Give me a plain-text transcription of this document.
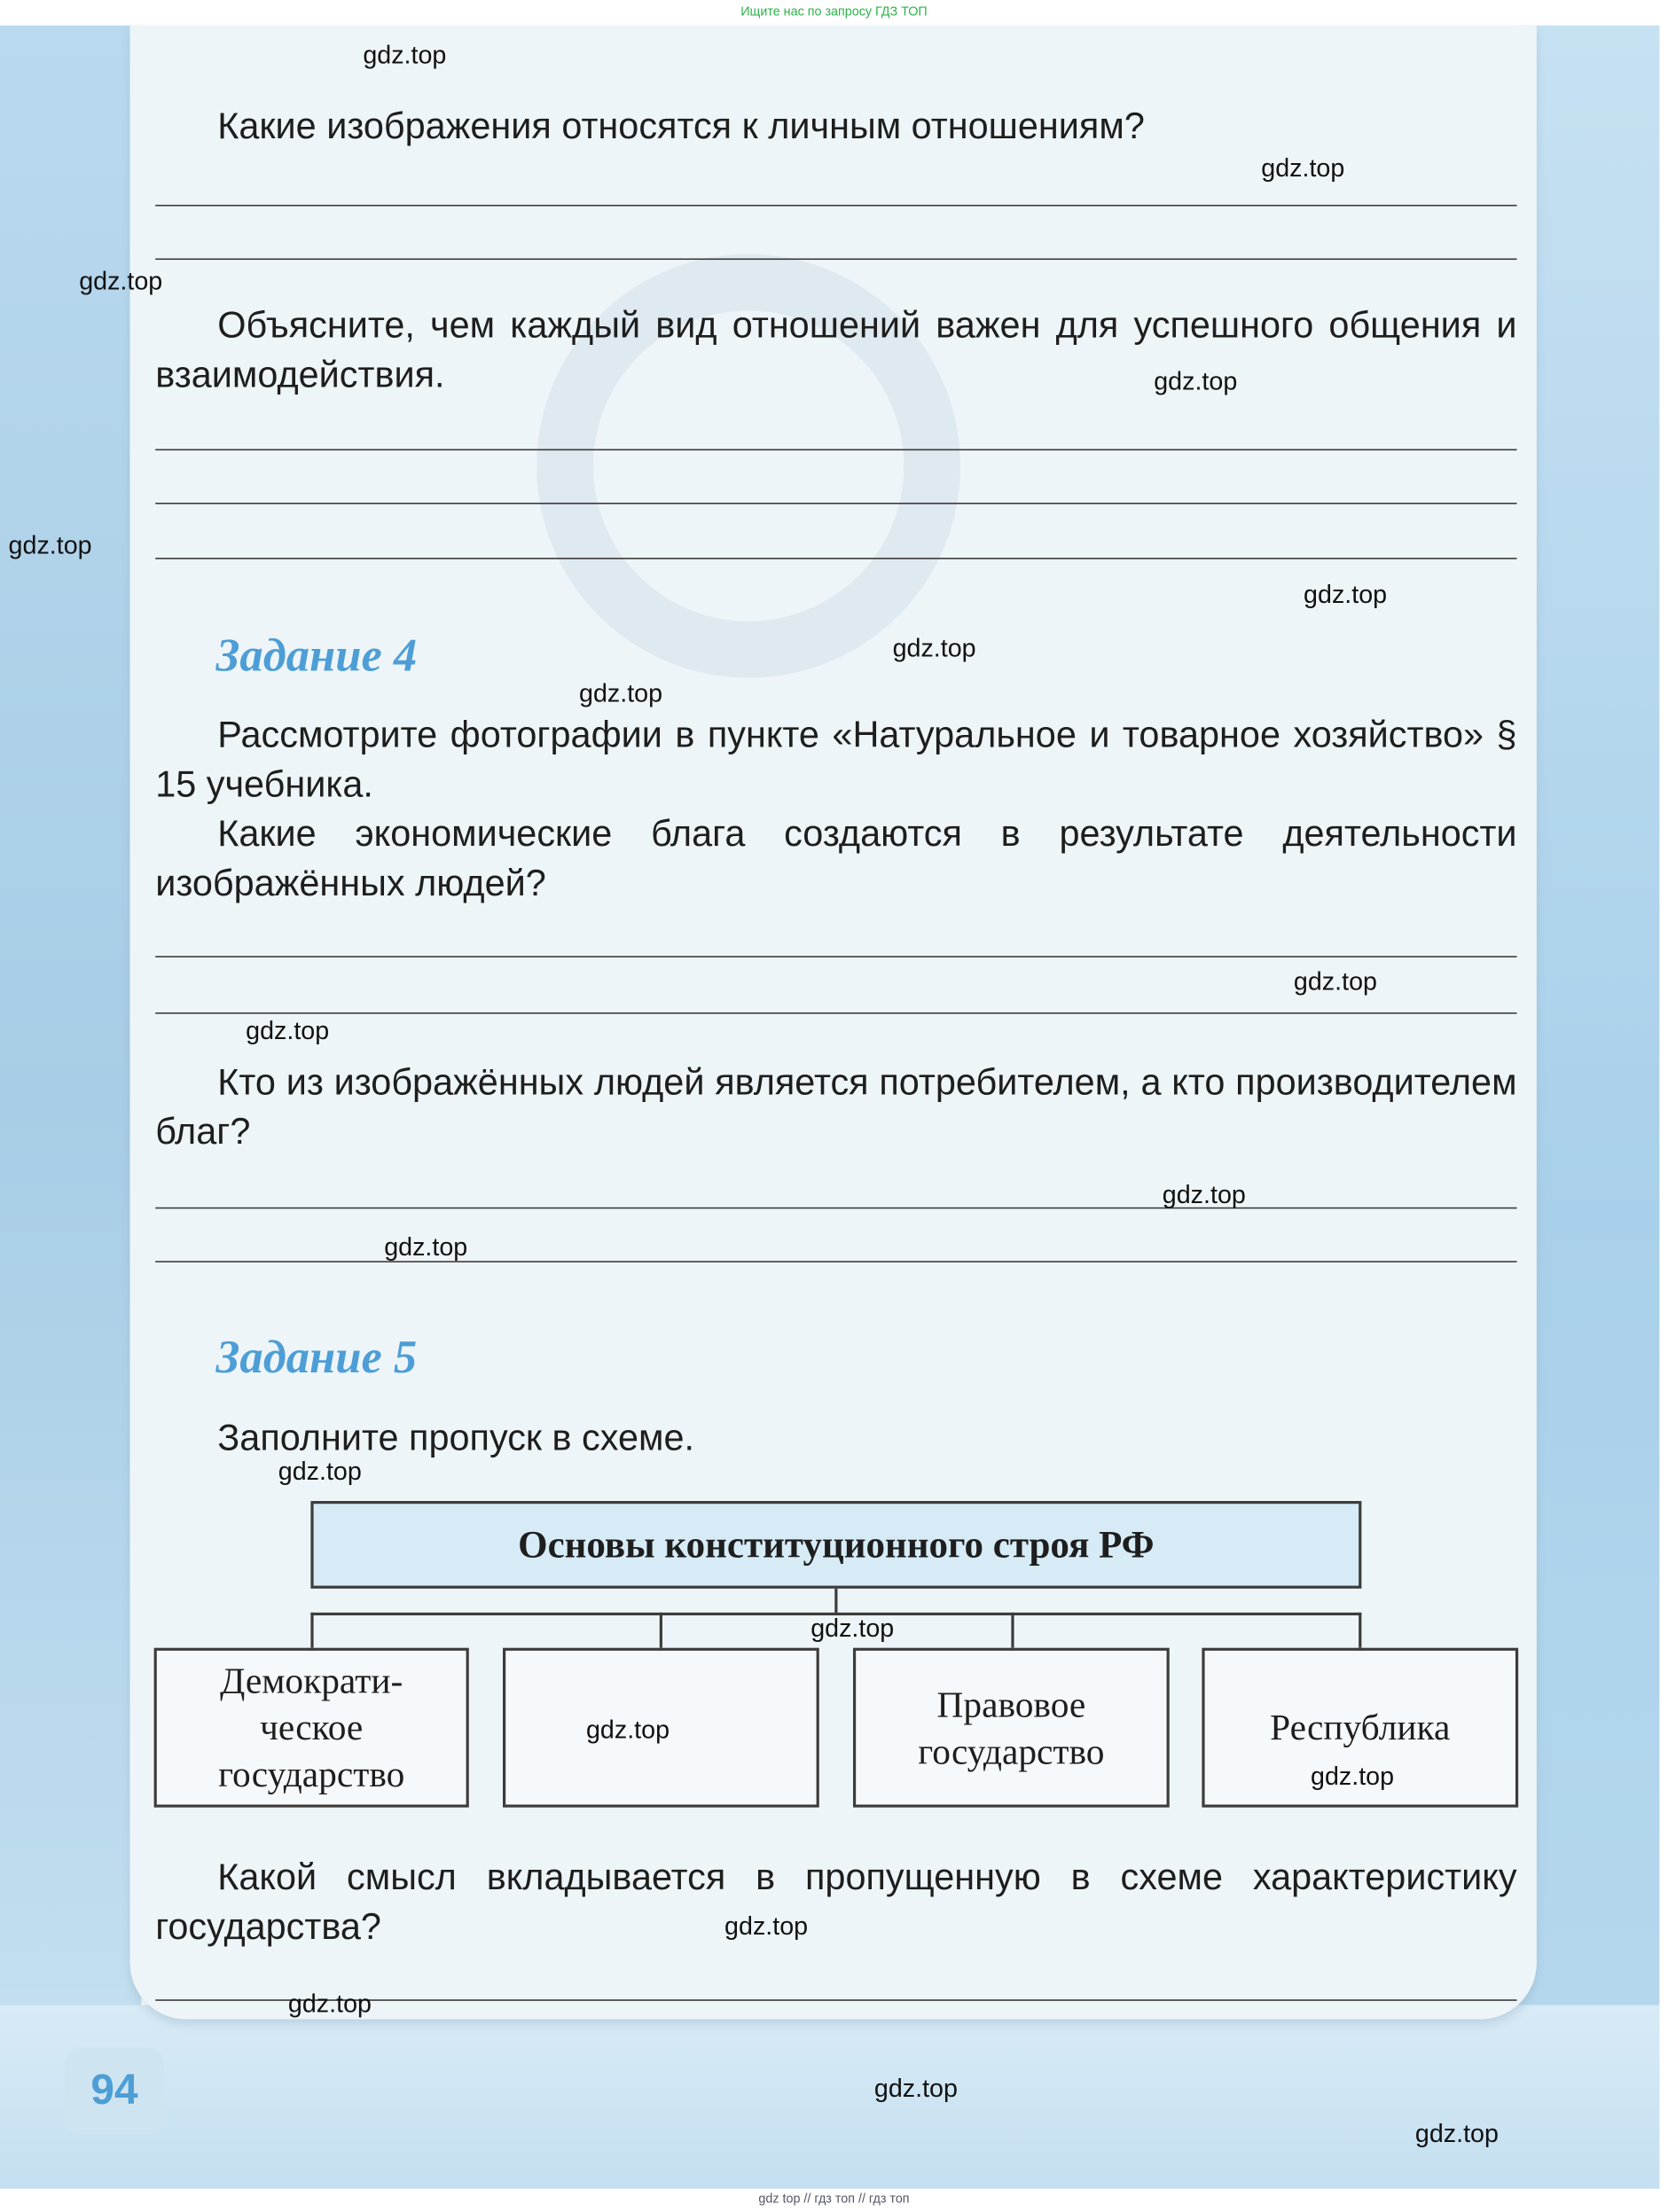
Ищите нас по запросу ГДЗ ТОП
Какие изображения относятся к личным отношениям?
Объясните, чем каждый вид отношений важен для успешного общения и взаимодействия.
Задание 4
Рассмотрите фотографии в пункте «Натуральное и товарное хозяйство» § 15 учебника.
Какие экономические блага создаются в результате деятельности изображённых людей?
Кто из изображённых людей является потребителем, а кто производителем благ?
Задание 5
Заполните пропуск в схеме.
Основы конституционного строя РФ
Демократи-
ческое
государство
Правовое
государство
Республика
Какой смысл вкладывается в пропущенную в схеме характеристику государства?
94
gdz.top
gdz.top
gdz.top
gdz.top
gdz.top
gdz.top
gdz.top
gdz.top
gdz.top
gdz.top
gdz.top
gdz.top
gdz.top
gdz.top
gdz.top
gdz.top
gdz.top
gdz.top
gdz.top
gdz.top
gdz top // гдз топ // гдз топ
